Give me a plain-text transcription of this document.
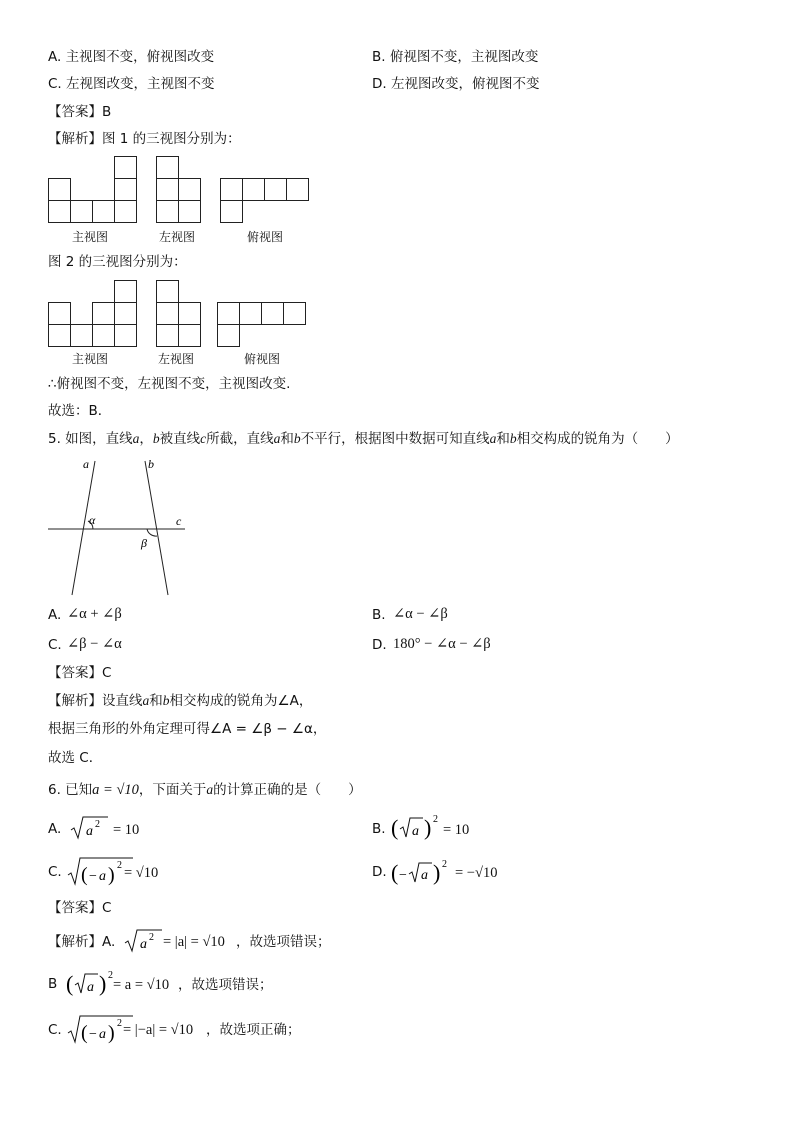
A. 主视图不变，俯视图改变	B. 俯视图不变，主视图改变
C. 左视图改变，主视图不变	D. 左视图改变，俯视图不变
【答案】B
【解析】图 1 的三视图分别为：
主视图	左视图	俯视图
图 2 的三视图分别为：
主视图	左视图	俯视图
∴俯视图不变，左视图不变，主视图改变.
故选：B．
5. 如图，直线a，b被直线c所截，直线a和b不平行，根据图中数据可知直线a和b相交构成的锐角为（　　）
a	b
c
α
β
A. ∠α + ∠β	B. ∠α − ∠β
C. ∠β − ∠α	D. 180° − ∠α − ∠β
【答案】C
【解析】设直线a和b相交构成的锐角为∠A，
根据三角形的外角定理可得∠A = ∠β − ∠α，
故选 C．
6. 已知a = √10，下面关于a的计算正确的是（　　）
A. a 2 = 10	B. ( a ) 2
= 10
C. ( − a ) 2 = √10	D. ( − a ) 2
= −√10
【答案】C
【解析】A. a 2 = |a| = √10 ，故选项错误；
B ( a ) 2
= a = √10 ，故选项错误；
C. ( − a ) 2 = |−a| = √10 ，故选项正确；
